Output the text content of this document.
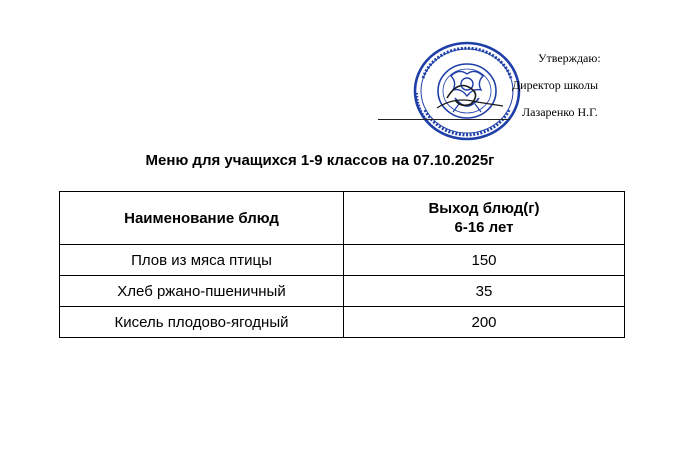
Утверждаю:
Директор школы
Лазаренко Н.Г.
Меню для учащихся 1-9 классов на 07.10.2025г
Наименование блюд	Выход блюд(г)
6-16 лет

Плов из мяса птицы	150
Хлеб ржано-пшеничный	35
Кисель плодово-ягодный	200
